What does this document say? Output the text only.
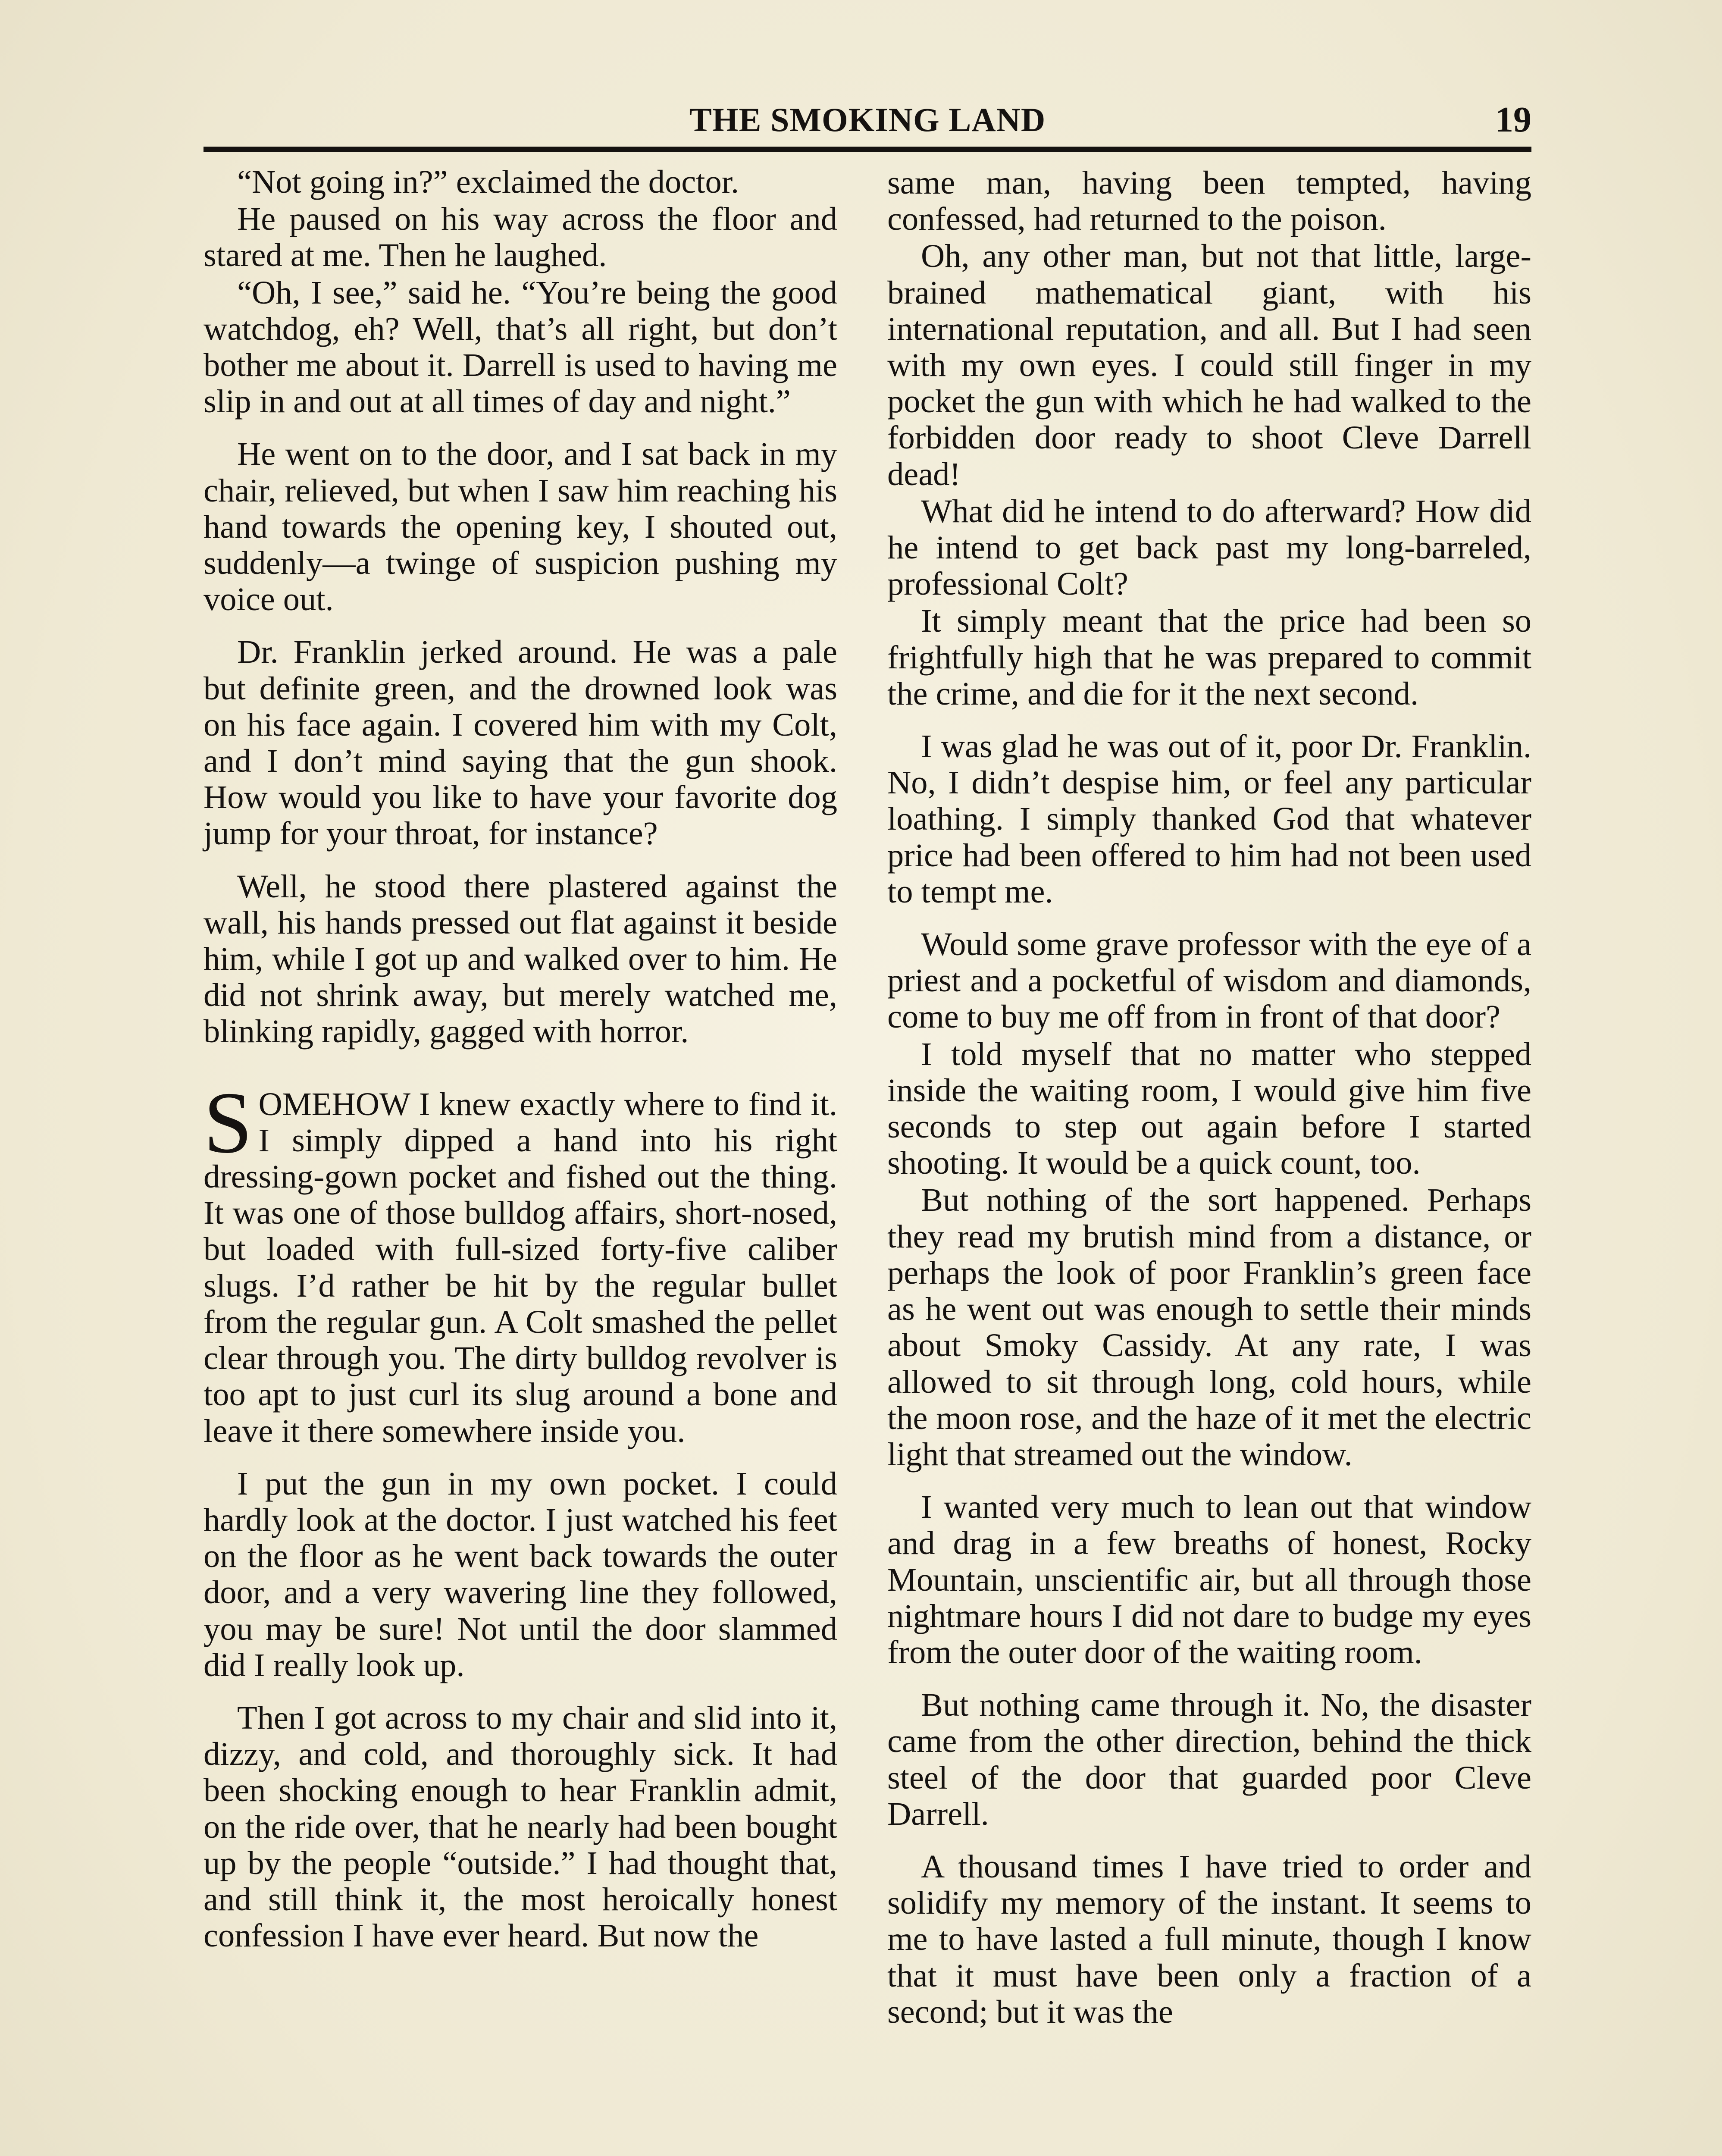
THE SMOKING LAND	19

“Not going in?” exclaimed the doctor.

He paused on his way across the floor and stared at me. Then he laughed.

“Oh, I see,” said he. “You’re being the good watchdog, eh? Well, that’s all right, but don’t bother me about it. Darrell is used to having me slip in and out at all times of day and night.”

He went on to the door, and I sat back in my chair, relieved, but when I saw him reaching his hand towards the opening key, I shouted out, suddenly—a twinge of suspicion pushing my voice out.

Dr. Franklin jerked around. He was a pale but definite green, and the drowned look was on his face again. I covered him with my Colt, and I don’t mind saying that the gun shook. How would you like to have your favorite dog jump for your throat, for instance?

Well, he stood there plastered against the wall, his hands pressed out flat against it beside him, while I got up and walked over to him. He did not shrink away, but merely watched me, blinking rapidly, gagged with horror.

SOMEHOW I knew exactly where to find it. I simply dipped a hand into his right dressing-gown pocket and fished out the thing. It was one of those bulldog affairs, short-nosed, but loaded with full-sized forty-five caliber slugs. I’d rather be hit by the regular bullet from the regular gun. A Colt smashed the pellet clear through you. The dirty bulldog revolver is too apt to just curl its slug around a bone and leave it there somewhere inside you.

I put the gun in my own pocket. I could hardly look at the doctor. I just watched his feet on the floor as he went back towards the outer door, and a very wavering line they followed, you may be sure! Not until the door slammed did I really look up.

Then I got across to my chair and slid into it, dizzy, and cold, and thoroughly sick. It had been shocking enough to hear Franklin admit, on the ride over, that he nearly had been bought up by the people “outside.” I had thought that, and still think it, the most heroically honest confession I have ever heard. But now the

same man, having been tempted, having confessed, had returned to the poison.

Oh, any other man, but not that little, large-brained mathematical giant, with his international reputation, and all. But I had seen with my own eyes. I could still finger in my pocket the gun with which he had walked to the forbidden door ready to shoot Cleve Darrell dead!

What did he intend to do afterward? How did he intend to get back past my long-barreled, professional Colt?

It simply meant that the price had been so frightfully high that he was prepared to commit the crime, and die for it the next second.

I was glad he was out of it, poor Dr. Franklin. No, I didn’t despise him, or feel any particular loathing. I simply thanked God that whatever price had been offered to him had not been used to tempt me.

Would some grave professor with the eye of a priest and a pocketful of wisdom and diamonds, come to buy me off from in front of that door?

I told myself that no matter who stepped inside the waiting room, I would give him five seconds to step out again before I started shooting. It would be a quick count, too.

But nothing of the sort happened. Perhaps they read my brutish mind from a distance, or perhaps the look of poor Franklin’s green face as he went out was enough to settle their minds about Smoky Cassidy. At any rate, I was allowed to sit through long, cold hours, while the moon rose, and the haze of it met the electric light that streamed out the window.

I wanted very much to lean out that window and drag in a few breaths of honest, Rocky Mountain, unscientific air, but all through those nightmare hours I did not dare to budge my eyes from the outer door of the waiting room.

But nothing came through it. No, the disaster came from the other direction, behind the thick steel of the door that guarded poor Cleve Darrell.

A thousand times I have tried to order and solidify my memory of the instant. It seems to me to have lasted a full minute, though I know that it must have been only a fraction of a second; but it was the
